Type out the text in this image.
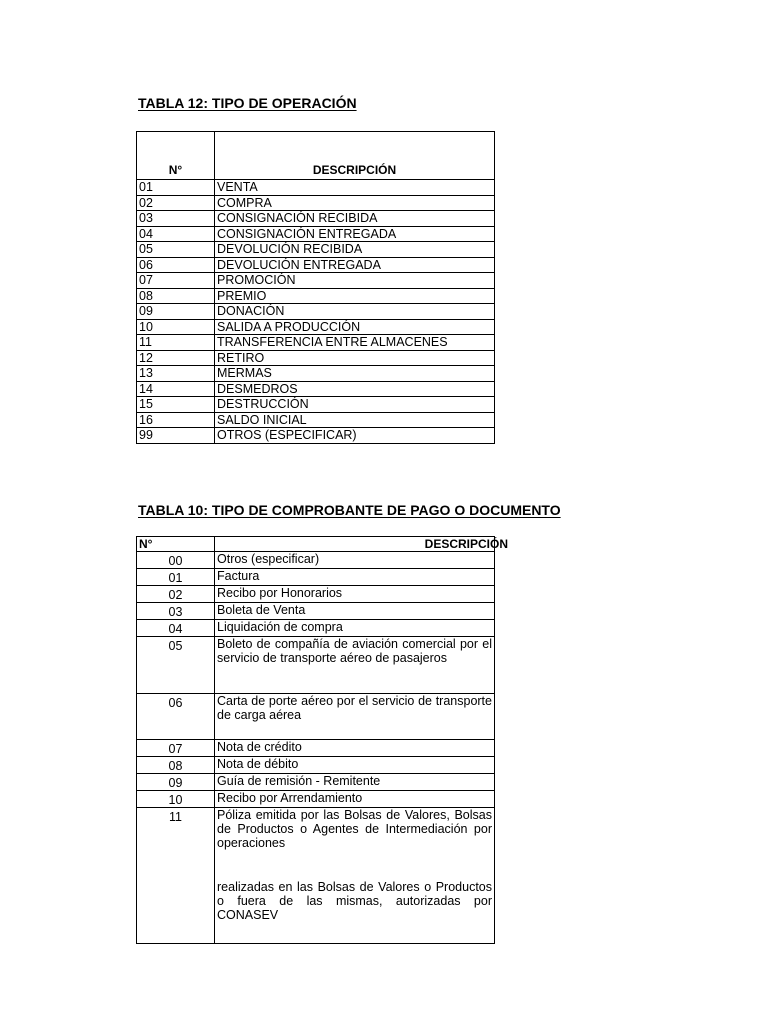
TABLA 12: TIPO DE OPERACIÓN
N°	DESCRIPCIÓN
01	VENTA
02	COMPRA
03	CONSIGNACIÓN RECIBIDA
04	CONSIGNACIÓN ENTREGADA
05	DEVOLUCIÓN RECIBIDA
06	DEVOLUCIÓN ENTREGADA
07	PROMOCIÓN
08	PREMIO
09	DONACIÓN
10	SALIDA A PRODUCCIÓN
11	TRANSFERENCIA ENTRE ALMACENES
12	RETIRO
13	MERMAS
14	DESMEDROS
15	DESTRUCCIÓN
16	SALDO INICIAL
99	OTROS (ESPECIFICAR)
TABLA 10: TIPO DE COMPROBANTE DE PAGO O DOCUMENTO
N°	DESCRIPCIÓN
00	Otros (especificar)
01	Factura
02	Recibo por Honorarios
03	Boleta de Venta
04	Liquidación de compra
05	Boleto de compañía de aviación comercial por el servicio de transporte aéreo de pasajeros
06	Carta de porte aéreo por el servicio de transporte de carga aérea
07	Nota de crédito
08	Nota de débito
09	Guía de remisión - Remitente
10	Recibo por Arrendamiento
11	Póliza emitida por las Bolsas de Valores, Bolsas de Productos o Agentes de Intermediación por operaciones
realizadas en las Bolsas de Valores o Productos o fuera de las mismas, autorizadas por CONASEV
